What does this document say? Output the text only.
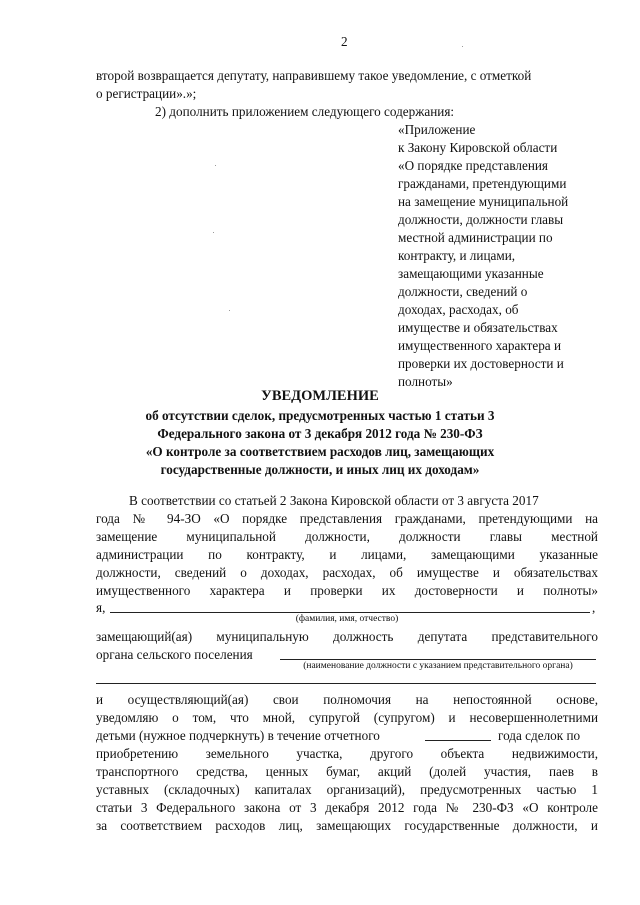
2
второй возвращается депутату, направившему такое уведомление, с отметкой
о регистрации».»;
2) дополнить приложением следующего содержания:
«Приложение
к Закону Кировской области
«О порядке представления
гражданами, претендующими
на замещение муниципальной
должности, должности главы
местной администрации по
контракту, и лицами,
замещающими указанные
должности, сведений о
доходах, расходах, об
имуществе и обязательствах
имущественного характера и
проверки их достоверности и
полноты»
УВЕДОМЛЕНИЕ
об отсутствии сделок, предусмотренных частью 1 статьи 3
Федерального закона от 3 декабря 2012 года № 230-ФЗ
«О контроле за соответствием расходов лиц, замещающих
государственные должности, и иных лиц их доходам»
В соответствии со статьей 2 Закона Кировской области от 3 августа 2017
года № 94-ЗО «О порядке представления гражданами, претендующими на
замещение муниципальной должности, должности главы местной
администрации по контракту, и лицами, замещающими указанные
должности, сведений о доходах, расходах, об имуществе и обязательствах
имущественного характера и проверки их достоверности и полноты»
я,	,
(фамилия, имя, отчество)
замещающий(ая) муниципальную должность депутата представительного
органа сельского поселения
(наименование должности с указанием представительного органа)
и осуществляющий(ая) свои полномочия на непостоянной основе,
уведомляю о том, что мной, супругой (супругом) и несовершеннолетними
детьми (нужное подчеркнуть) в течение отчетного	года сделок по
приобретению земельного участка, другого объекта недвижимости,
транспортного средства, ценных бумаг, акций (долей участия, паев в
уставных (складочных) капиталах организаций), предусмотренных частью 1
статьи 3 Федерального закона от 3 декабря 2012 года № 230-ФЗ «О контроле
за соответствием расходов лиц, замещающих государственные должности, и
